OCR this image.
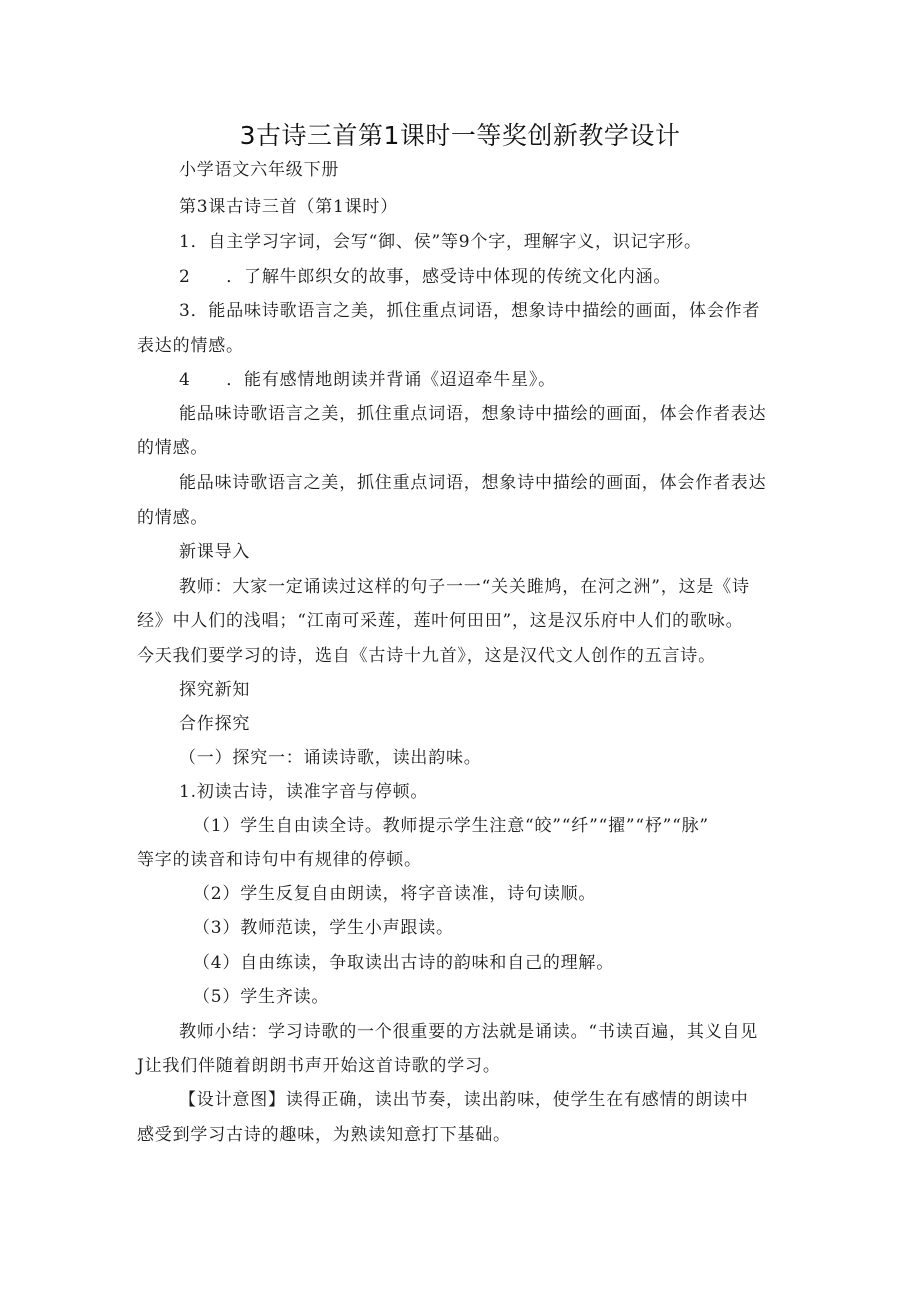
3古诗三首第1课时一等奖创新教学设计
小学语文六年级下册
第3课古诗三首（第1课时）
1．自主学习字词，会写“御、侯”等9个字，理解字义，识记字形。
2　　．了解牛郎织女的故事，感受诗中体现的传统文化内涵。
3．能品味诗歌语言之美，抓住重点词语，想象诗中描绘的画面，体会作者
表达的情感。
4　　．能有感情地朗读并背诵《迢迢牵牛星》。
能品味诗歌语言之美，抓住重点词语，想象诗中描绘的画面，体会作者表达
的情感。
能品味诗歌语言之美，抓住重点词语，想象诗中描绘的画面，体会作者表达
的情感。
新课导入
教师：大家一定诵读过这样的句子一一“关关雎鸠，在河之洲”，这是《诗
经》中人们的浅唱；“江南可采莲，莲叶何田田”，这是汉乐府中人们的歌咏。
今天我们要学习的诗，选自《古诗十九首》，这是汉代文人创作的五言诗。
探究新知
合作探究
（一）探究一：诵读诗歌，读出韵味。
1.初读古诗，读准字音与停顿。
（1）学生自由读全诗。教师提示学生注意“皎”“纤”“擢”“杼”“脉”
等字的读音和诗句中有规律的停顿。
（2）学生反复自由朗读，将字音读准，诗句读顺。
（3）教师范读，学生小声跟读。
（4）自由练读，争取读出古诗的韵味和自己的理解。
（5）学生齐读。
教师小结：学习诗歌的一个很重要的方法就是诵读。“书读百遍，其义自见
J让我们伴随着朗朗书声开始这首诗歌的学习。
【设计意图】读得正确，读出节奏，读出韵味，使学生在有感情的朗读中
感受到学习古诗的趣味，为熟读知意打下基础。
